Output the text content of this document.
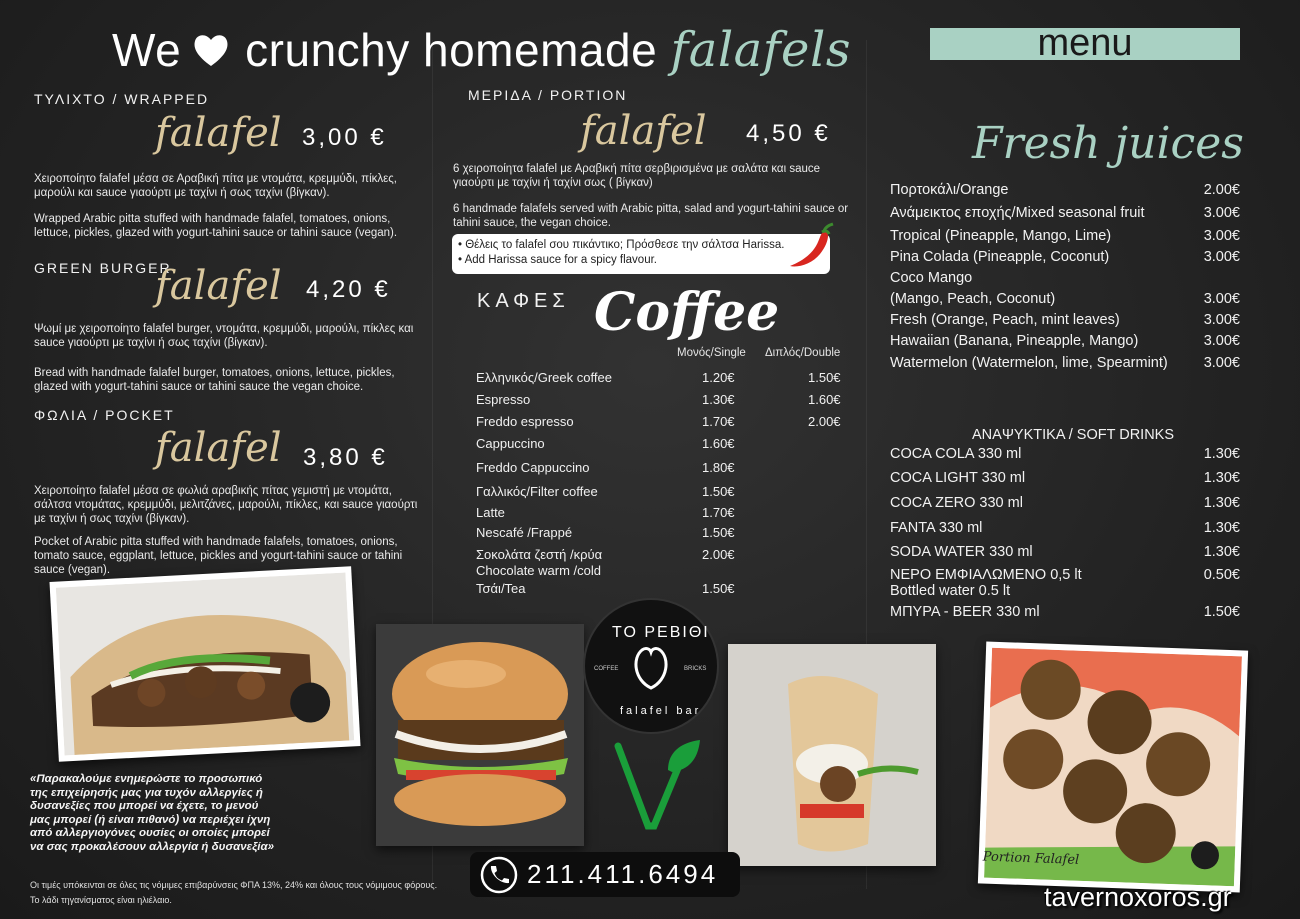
We crunchy homemade falafels	menu
ΤΥΛΙΧΤΟ / WRAPPED
falafel 3,00 €
Χειροποίητο falafel μέσα σε Αραβική πίτα με ντομάτα, κρεμμύδι, πίκλες, μαρούλι και sauce γιαούρτι με ταχίνι ή σως ταχίνι (βίγκαν).
Wrapped Arabic pitta stuffed with handmade falafel, tomatoes, onions, lettuce, pickles, glazed with yogurt-tahini sauce or tahini sauce (vegan).
GREEN BURGER
falafel 4,20 €
Ψωμί με χειροποίητο falafel burger, ντομάτα, κρεμμύδι, μαρούλι, πίκλες και sauce γιαούρτι με ταχίνι ή σως ταχίνι (βίγκαν).
Bread with handmade falafel burger, tomatoes, onions, lettuce, pickles, glazed with yogurt-tahini sauce or tahini sauce the vegan choice.
ΦΩΛΙΑ / POCKET
falafel 3,80 €
Χειροποίητο falafel μέσα σε φωλιά αραβικής πίτας γεμιστή με ντομάτα, σάλτσα ντομάτας, κρεμμύδι, μελιτζάνες, μαρούλι, πίκλες, και sauce γιαούρτι με ταχίνι ή σως ταχίνι (βίγκαν).
Pocket of Arabic pitta stuffed with handmade falafels, tomatoes, onions, tomato sauce, eggplant, lettuce, pickles and yogurt-tahini sauce or tahini sauce (vegan).
ΜΕΡΙΔΑ / PORTION
falafel 4,50 €
6 χειροποίητα falafel με Αραβική πίτα σερβιρισμένα με σαλάτα και sauce γιαούρτι με ταχίνι ή ταχίνι σως ( βίγκαν)
6 handmade falafels served with Arabic pitta, salad and yogurt-tahini sauce or tahini sauce, the vegan choice.
• Θέλεις το falafel σου πικάντικο; Πρόσθεσε την σάλτσα Harissa.
• Add Harissa sauce for a spicy flavour.
ΚΑΦΕΣ Coffee
Μονός/Single Διπλός/Double
Ελληνικός/Greek coffee	1.20€	1.50€
Espresso	1.30€	1.60€
Freddo espresso	1.70€	2.00€
Cappuccino	1.60€
Freddo Cappuccino	1.80€
Γαλλικός/Filter coffee	1.50€
Latte	1.70€
Nescafé /Frappé	1.50€
Σοκολάτα ζεστή /κρύα	2.00€
Chocolate warm /cold
Τσάι/Tea	1.50€
Fresh juices
Πορτοκάλι/Orange	2.00€
Ανάμεικτος εποχής/Mixed seasonal fruit	3.00€
Tropical (Pineapple, Mango, Lime)	3.00€
Pina Colada (Pineapple, Coconut)	3.00€
Coco Mango
(Mango, Peach, Coconut)	3.00€
Fresh (Orange, Peach, mint leaves)	3.00€
Hawaiian (Banana, Pineapple, Mango)	3.00€
Watermelon (Watermelon, lime, Spearmint) 3.00€
ΑΝΑΨΥΚΤΙΚΑ / SOFT DRINKS
COCA COLA 330 ml	1.30€
COCA LIGHT 330 ml	1.30€
COCA ZERO 330 ml	1.30€
FANTA 330 ml	1.30€
SODA WATER 330 ml	1.30€
ΝΕΡΟ ΕΜΦΙΑΛΩΜΕΝΟ 0,5 lt	0.50€
Bottled water 0.5 lt
ΜΠΥΡΑ - BEER 330 ml	1.50€
Portion Falafel
ΤΟ ΡΕΒΙΘΙ
COFFEE	BRICKS
falafel bar
«Παρακαλούμε ενημερώστε το προσωπικό της επιχείρησής μας για τυχόν αλλεργίες ή δυσανεξίες που μπορεί να έχετε, το μενού μας μπορεί (ή είναι πιθανό) να περιέχει ίχνη από αλλεργιογόνες ουσίες οι οποίες μπορεί να σας προκαλέσουν αλλεργία ή δυσανεξία»
Οι τιμές υπόκεινται σε όλες τις νόμιμες επιβαρύνσεις ΦΠΑ 13%, 24% και όλους τους νόμιμους φόρους.
Το λάδι τηγανίσματος είναι ηλιέλαιο.
211.411.6494
tavernoxoros.gr
